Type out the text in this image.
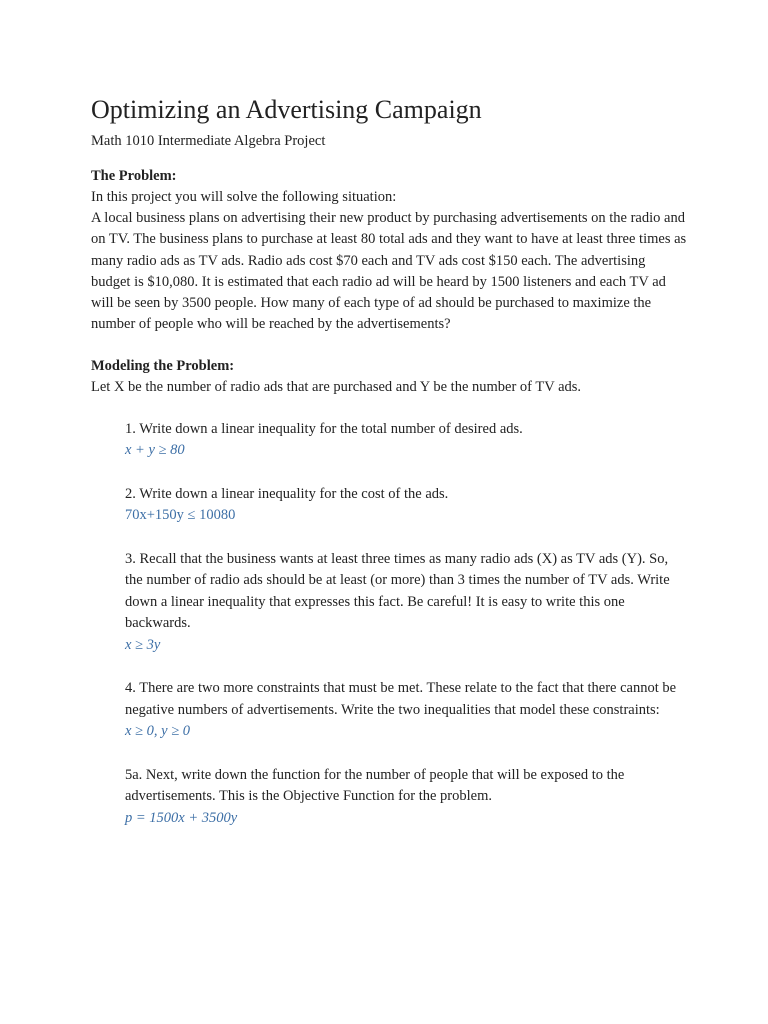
Optimizing an Advertising Campaign

Math 1010 Intermediate Algebra Project

The Problem:

In this project you will solve the following situation:

A local business plans on advertising their new product by purchasing advertisements on the radio and on TV. The business plans to purchase at least 80 total ads and they want to have at least three times as many radio ads as TV ads. Radio ads cost $70 each and TV ads cost $150 each. The advertising budget is $10,080. It is estimated that each radio ad will be heard by 1500 listeners and each TV ad will be seen by 3500 people. How many of each type of ad should be purchased to maximize the number of people who will be reached by the advertisements?

Modeling the Problem:

Let X be the number of radio ads that are purchased and Y be the number of TV ads.

1. Write down a linear inequality for the total number of desired ads.

x + y ≥ 80

2. Write down a linear inequality for the cost of the ads.

70x+150y ≤ 10080

3. Recall that the business wants at least three times as many radio ads (X) as TV ads (Y). So, the number of radio ads should be at least (or more) than 3 times the number of TV ads. Write down a linear inequality that expresses this fact. Be careful! It is easy to write this one backwards.

x ≥ 3y

4. There are two more constraints that must be met. These relate to the fact that there cannot be negative numbers of advertisements. Write the two inequalities that model these constraints:

x ≥ 0, y ≥ 0

5a. Next, write down the function for the number of people that will be exposed to the advertisements. This is the Objective Function for the problem.

p = 1500x + 3500y
